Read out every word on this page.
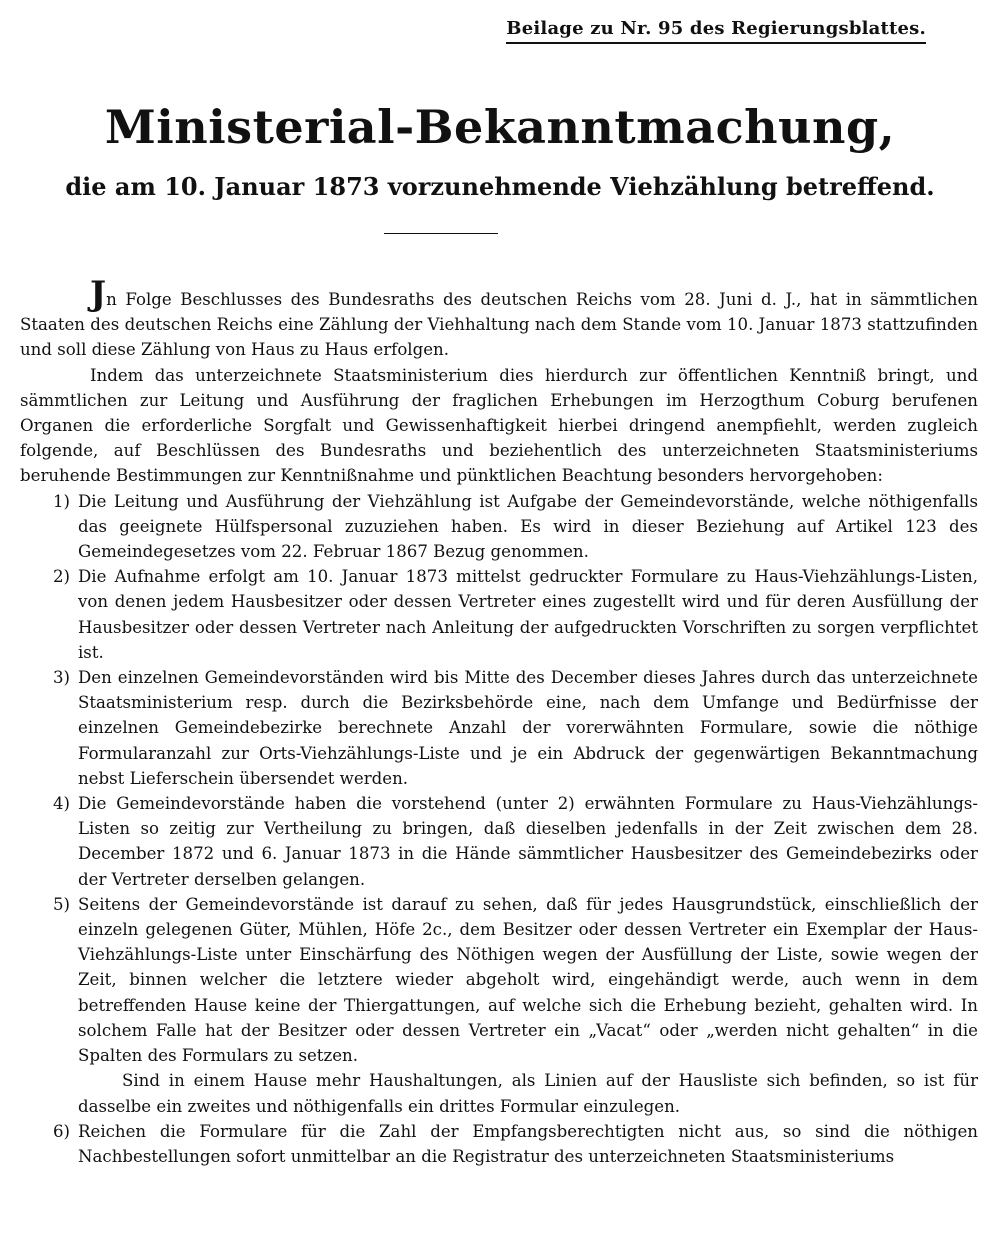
Beilage zu Nr. 95 des Regierungsblattes.
Ministerial-Bekanntmachung,
die am 10. Januar 1873 vorzunehmende Viehzählung betreffend.

Jn Folge Beschlusses des Bundesraths des deutschen Reichs vom 28. Juni d. J., hat in sämmtlichen Staaten des deutschen Reichs eine Zählung der Viehhaltung nach dem Stande vom 10. Januar 1873 stattzufinden und soll diese Zählung von Haus zu Haus erfolgen.

Indem das unterzeichnete Staatsministerium dies hierdurch zur öffentlichen Kenntniß bringt, und sämmtlichen zur Leitung und Ausführung der fraglichen Erhebungen im Herzogthum Coburg berufenen Organen die erforderliche Sorgfalt und Gewissenhaftigkeit hierbei dringend anempfiehlt, werden zugleich folgende, auf Beschlüssen des Bundesraths und beziehentlich des unterzeichneten Staatsministeriums beruhende Bestimmungen zur Kenntnißnahme und pünktlichen Beachtung besonders hervorgehoben:

1) Die Leitung und Ausführung der Viehzählung ist Aufgabe der Gemeindevorstände, welche nöthigenfalls das geeignete Hülfspersonal zuzuziehen haben. Es wird in dieser Beziehung auf Artikel 123 des Gemeindegesetzes vom 22. Februar 1867 Bezug genommen.
2) Die Aufnahme erfolgt am 10. Januar 1873 mittelst gedruckter Formulare zu Haus-Viehzählungs-Listen, von denen jedem Hausbesitzer oder dessen Vertreter eines zugestellt wird und für deren Ausfüllung der Hausbesitzer oder dessen Vertreter nach Anleitung der aufgedruckten Vorschriften zu sorgen verpflichtet ist.
3) Den einzelnen Gemeindevorständen wird bis Mitte des December dieses Jahres durch das unterzeichnete Staatsministerium resp. durch die Bezirksbehörde eine, nach dem Umfange und Bedürfnisse der einzelnen Gemeindebezirke berechnete Anzahl der vorerwähnten Formulare, sowie die nöthige Formularanzahl zur Orts-Viehzählungs-Liste und je ein Abdruck der gegenwärtigen Bekanntmachung nebst Lieferschein übersendet werden.
4) Die Gemeindevorstände haben die vorstehend (unter 2) erwähnten Formulare zu Haus-Viehzählungs-Listen so zeitig zur Vertheilung zu bringen, daß dieselben jedenfalls in der Zeit zwischen dem 28. December 1872 und 6. Januar 1873 in die Hände sämmtlicher Hausbesitzer des Gemeindebezirks oder der Vertreter derselben gelangen.
5) Seitens der Gemeindevorstände ist darauf zu sehen, daß für jedes Hausgrundstück, einschließlich der einzeln gelegenen Güter, Mühlen, Höfe 2c., dem Besitzer oder dessen Vertreter ein Exemplar der Haus-Viehzählungs-Liste unter Einschärfung des Nöthigen wegen der Ausfüllung der Liste, sowie wegen der Zeit, binnen welcher die letztere wieder abgeholt wird, eingehändigt werde, auch wenn in dem betreffenden Hause keine der Thiergattungen, auf welche sich die Erhebung bezieht, gehalten wird. In solchem Falle hat der Besitzer oder dessen Vertreter ein „Vacat“ oder „werden nicht gehalten“ in die Spalten des Formulars zu setzen.

Sind in einem Hause mehr Haushaltungen, als Linien auf der Hausliste sich befinden, so ist für dasselbe ein zweites und nöthigenfalls ein drittes Formular einzulegen.

6) Reichen die Formulare für die Zahl der Empfangsberechtigten nicht aus, so sind die nöthigen Nachbestellungen sofort unmittelbar an die Registratur des unterzeichneten Staatsministeriums
